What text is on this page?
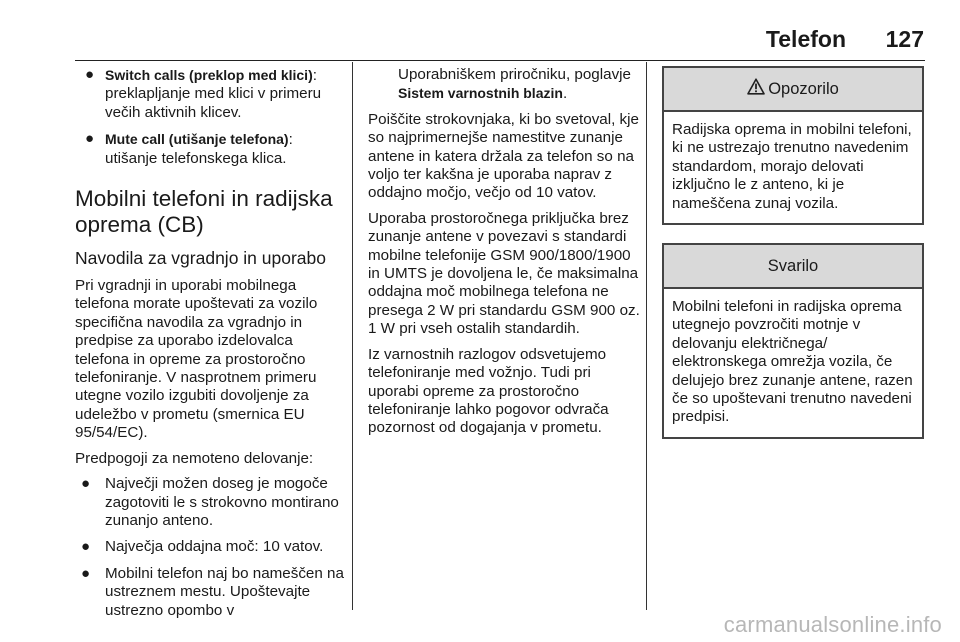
Telefon 127
● Switch calls (preklop med klici): preklapljanje med klici v primeru večih aktivnih klicev.
● Mute call (utišanje telefona): utišanje telefonskega klica.
Mobilni telefoni in radijska oprema (CB)
Navodila za vgradnjo in uporabo

Pri vgradnji in uporabi mobilnega telefona morate upoštevati za vozilo specifična navodila za vgradnjo in predpise za uporabo izdelovalca telefona in opreme za prostoročno telefoniranje. V nasprotnem primeru utegne vozilo izgubiti dovoljenje za udeležbo v prometu (smernica EU 95/54/EC).

Predpogoji za nemoteno delovanje:

● Največji možen doseg je mogoče zagotoviti le s strokovno montirano zunanjo anteno.
● Največja oddajna moč: 10 vatov.
● Mobilni telefon naj bo nameščen na ustreznem mestu. Upoštevajte ustrezno opombo v

Uporabniškem priročniku, poglavje Sistem varnostnih blazin.

Poiščite strokovnjaka, ki bo svetoval, kje so najprimernejše namestitve zunanje antene in katera držala za telefon so na voljo ter kakšna je uporaba naprav z oddajno močjo, večjo od 10 vatov.

Uporaba prostoročnega priključka brez zunanje antene v povezavi s standardi mobilne telefonije GSM 900/1800/1900 in UMTS je dovoljena le, če maksimalna oddajna moč mobilnega telefona ne presega 2 W pri standardu GSM 900 oz. 1 W pri vseh ostalih standardih.

Iz varnostnih razlogov odsvetujemo telefoniranje med vožnjo. Tudi pri uporabi opreme za prostoročno telefoniranje lahko pogovor odvrača pozornost od dogajanja v prometu.

Opozorilo
Radijska oprema in mobilni telefoni, ki ne ustrezajo trenutno navedenim standardom, morajo delovati izključno le z anteno, ki je nameščena zunaj vozila.
Svarilo
Mobilni telefoni in radijska oprema utegnejo povzročiti motnje v delovanju električnega/ elektronskega omrežja vozila, če delujejo brez zunanje antene, razen če so upoštevani trenutno navedeni predpisi.
carmanualsonline.info
